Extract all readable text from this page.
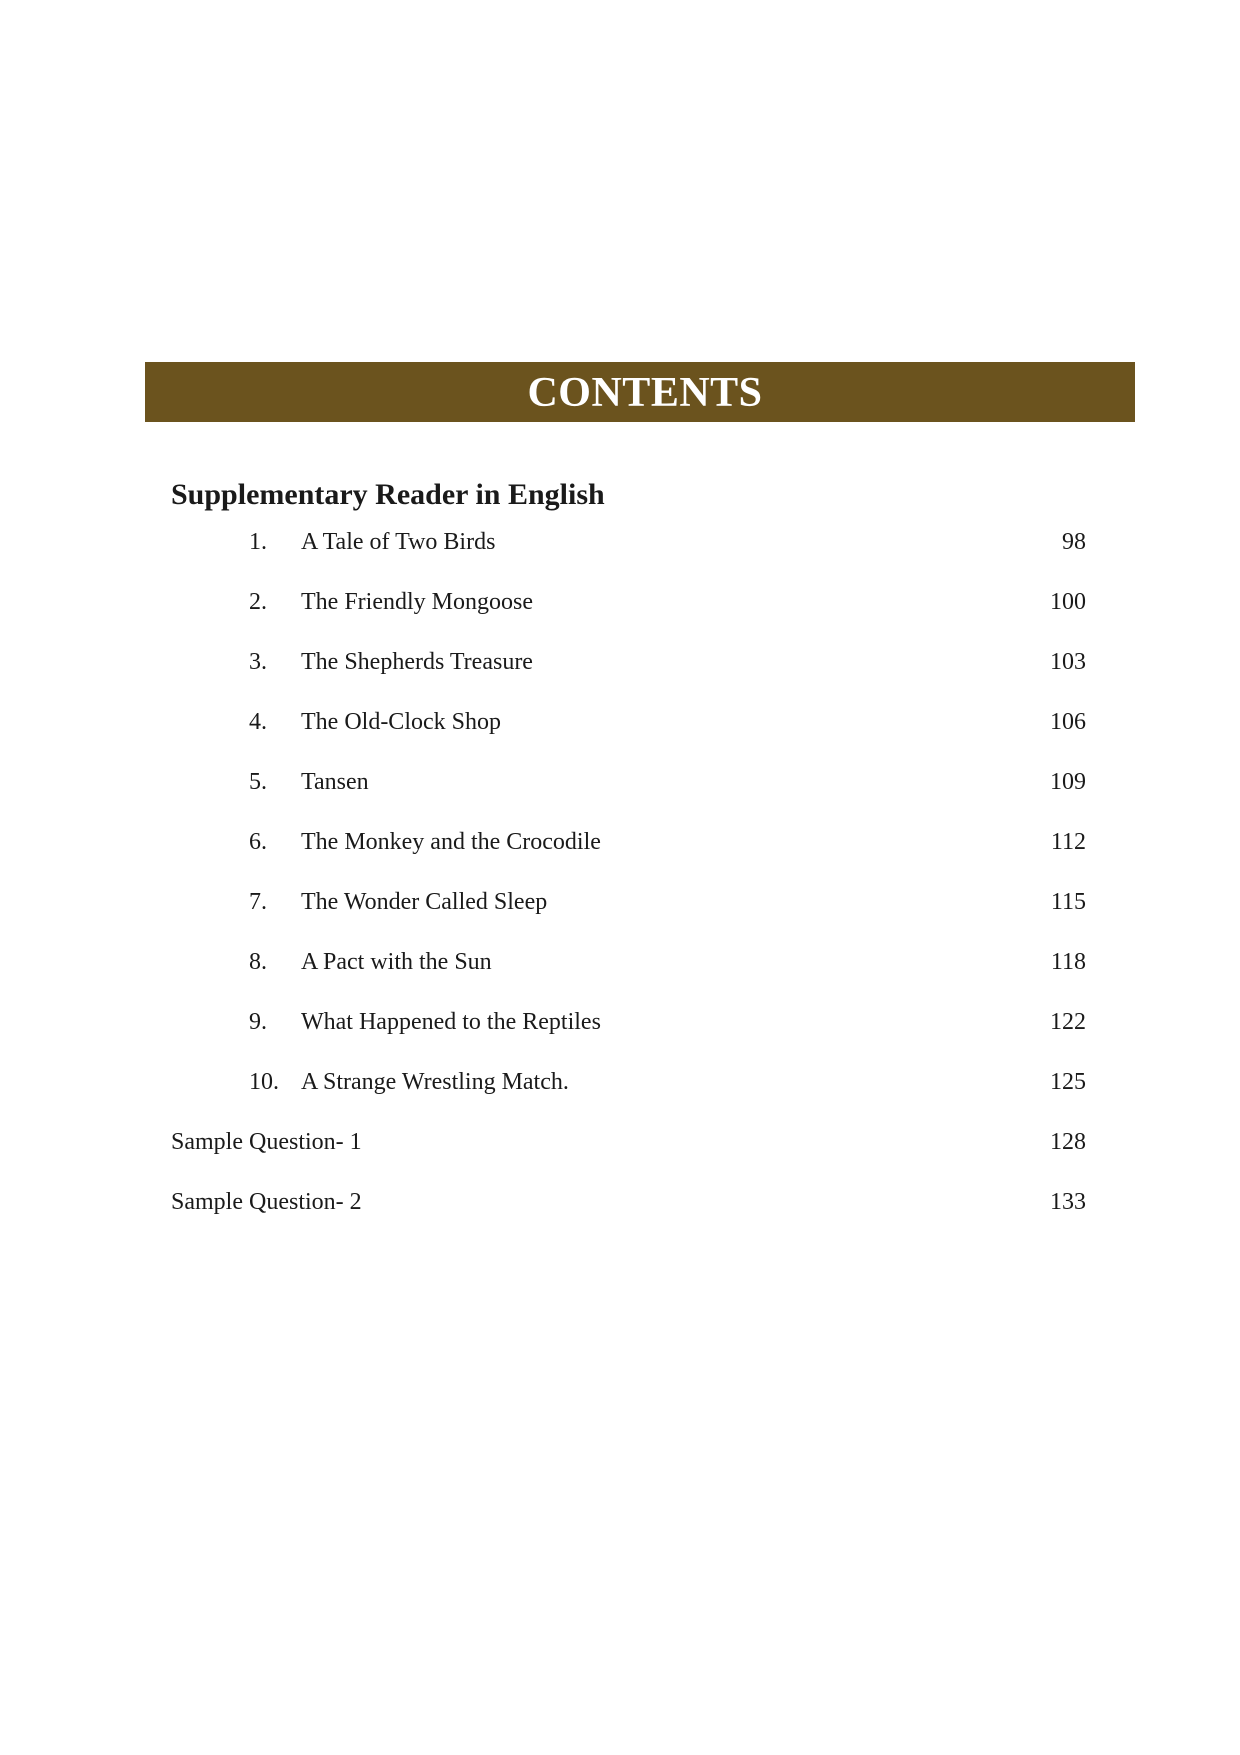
CONTENTS
Supplementary Reader in English
1. A Tale of Two Birds	98
2. The Friendly Mongoose	100
3. The Shepherds Treasure	103
4. The Old-Clock Shop	106
5. Tansen	109
6. The Monkey and the Crocodile	112
7. The Wonder Called Sleep	115
8. A Pact with the Sun	118
9. What Happened to the Reptiles	122
10. A Strange Wrestling Match.	125
Sample Question- 1	128
Sample Question- 2	133
